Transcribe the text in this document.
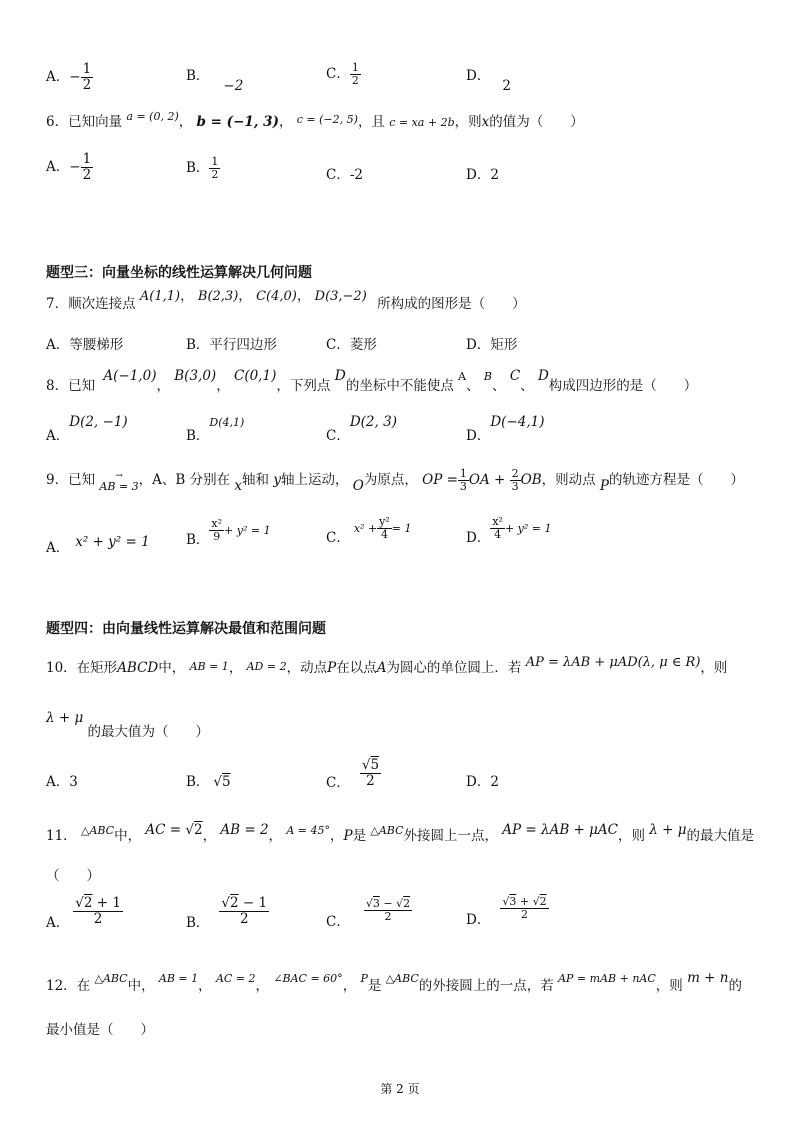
A．− $\frac{1}{2}$	B．−2
C． $\frac{1}{2}$	D．2
6．已知向量 $^{a = (0, 2)}$， b = (−1, 3)， $^{c = (-2, 5)}$，且 c = xa + 2b，则x的值为（　　）
A．− $\frac{1}{2}$	B． $\frac{1}{2}$	C．-2	D．2
题型三：向量坐标的线性运算解决几何问题
7．顺次连接点 A(1,1)， B(2,3)， C(4,0)， D(3,−2) 所构成的图形是（　　）
A．等腰梯形	B．平行四边形	C．菱形	D．矩形
8．已知 A(−1,0)， B(3,0)， C(0,1)，下列点 D的坐标中不能使点 A、 B、 C、 D构成四边形的是（　　）
A．D(2, −1)
B．D(4,1)
C．D(2, 3)
D．D(−4,1)
9．已知 → AB = 3，A、B 分别在 x轴和 y轴上运动， O为原点， OP = $\frac{1}{3}$ OA + $\frac{2}{3}$ OB，则动点 P的轨迹方程是（　　）
A． x² + y² = 1	B． $\frac{\text{x²}}{9} + y^2 = 1$	C．$x^2 + \frac{\text{y²}}{4} = 1$
D． $\frac{\text{x²}}{4} + y^2 = 1$
题型四：由向量线性运算解决最值和范围问题
10．在矩形ABCD中， $_{AB = 1}$， $_{AD = 2}$，动点P在以点A为圆心的单位圆上．若 AP = λAB + μAD(λ, μ ∈ R)，则
λ + μ 的最大值为（　　）
A．3	B． √ 5	C． √ $\frac{5}{2}$	D．2
11． △ABC中， AC = √ 2， AB = 2， A = 45°，P是 △ABC外接圆上一点， AP = λAB + μAC，则 λ + μ的最大值是
（　　）
A． √ $\frac{2 + 1}{2}$	B． √ $\frac{2 - 1}{2}$	C． √ $\frac{3 - √ 2}{2}$	D． √ $\frac{3 + √ 2}{2}$
12．在 △ABC中， AB = 1， AC = 2， ∠BAC = 60°， P是 △ABC的外接圆上的一点，若 AP = mAB + nAC，则 m + n的
最小值是（　　）
第 2 页
